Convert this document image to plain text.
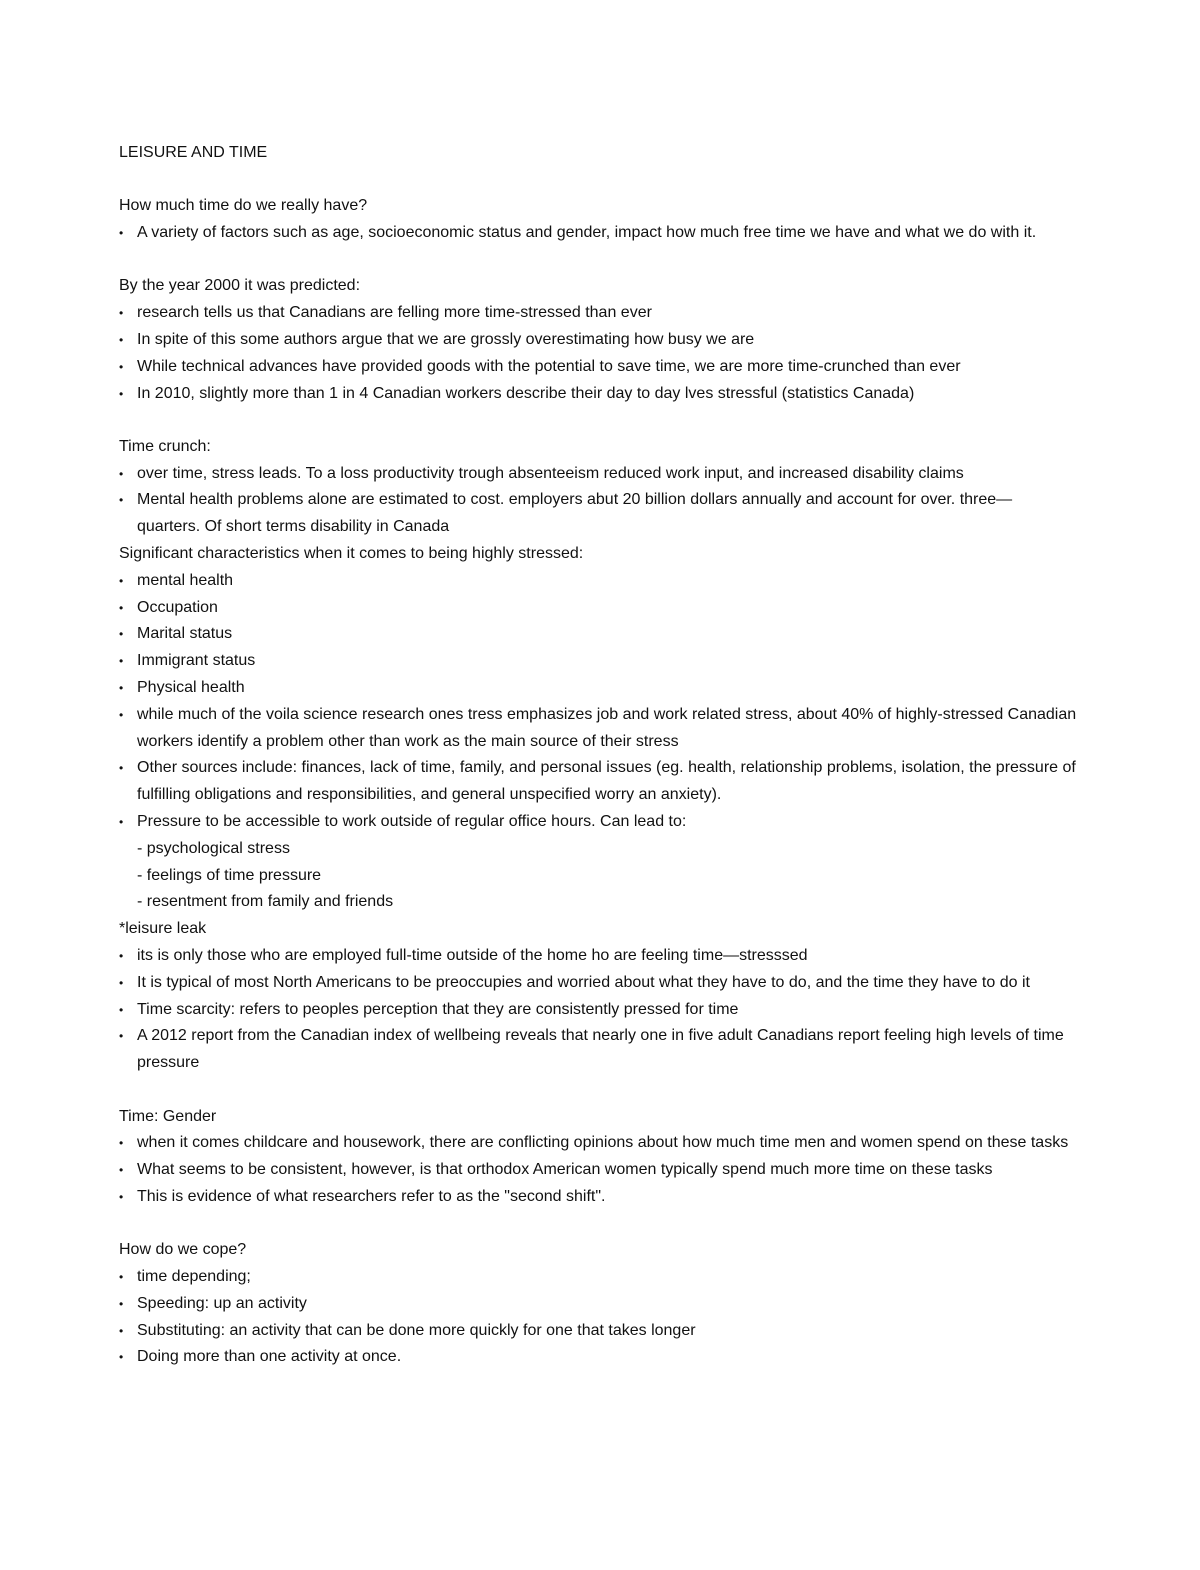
LEISURE AND TIME

How much time do we really have?

• A variety of factors such as age, socioeconomic status and gender, impact how much free time we have and what we do with it.

By the year 2000 it was predicted:

• research tells us that Canadians are felling more time-stressed than ever
• In spite of this some authors argue that we are grossly overestimating how busy we are
• While technical advances have provided goods with the potential to save time, we are more time-crunched than ever
• In 2010, slightly more than 1 in 4 Canadian workers describe their day to day lves stressful (statistics Canada)

Time crunch:

• over time, stress leads. To a loss productivity trough absenteeism reduced work input, and increased disability claims
• Mental health problems alone are estimated to cost. employers abut 20 billion dollars annually and account for over. three— quarters. Of short terms disability in Canada

Significant characteristics when it comes to being highly stressed:

• mental health
• Occupation
• Marital status
• Immigrant status
• Physical health
• while much of the voila science research ones tress emphasizes job and work related stress, about 40% of highly-stressed Canadian workers identify a problem other than work as the main source of their stress
• Other sources include: finances, lack of time, family, and personal issues (eg. health, relationship problems, isolation, the pressure of fulfilling obligations and responsibilities, and general unspecified worry an anxiety).
• Pressure to be accessible to work outside of regular office hours. Can lead to:
- psychological stress
- feelings of time pressure
- resentment from family and friends

*leisure leak

• its is only those who are employed full-time outside of the home ho are feeling time—stresssed
• It is typical of most North Americans to be preoccupies and worried about what they have to do, and the time they have to do it
• Time scarcity: refers to peoples perception that they are consistently pressed for time
• A 2012 report from the Canadian index of wellbeing reveals that nearly one in five adult Canadians report feeling high levels of time pressure

Time: Gender

• when it comes childcare and housework, there are conflicting opinions about how much time men and women spend on these tasks
• What seems to be consistent, however, is that orthodox American women typically spend much more time on these tasks
• This is evidence of what researchers refer to as the "second shift".

How do we cope?

• time depending;
• Speeding: up an activity
• Substituting: an activity that can be done more quickly for one that takes longer
• Doing more than one activity at once.
